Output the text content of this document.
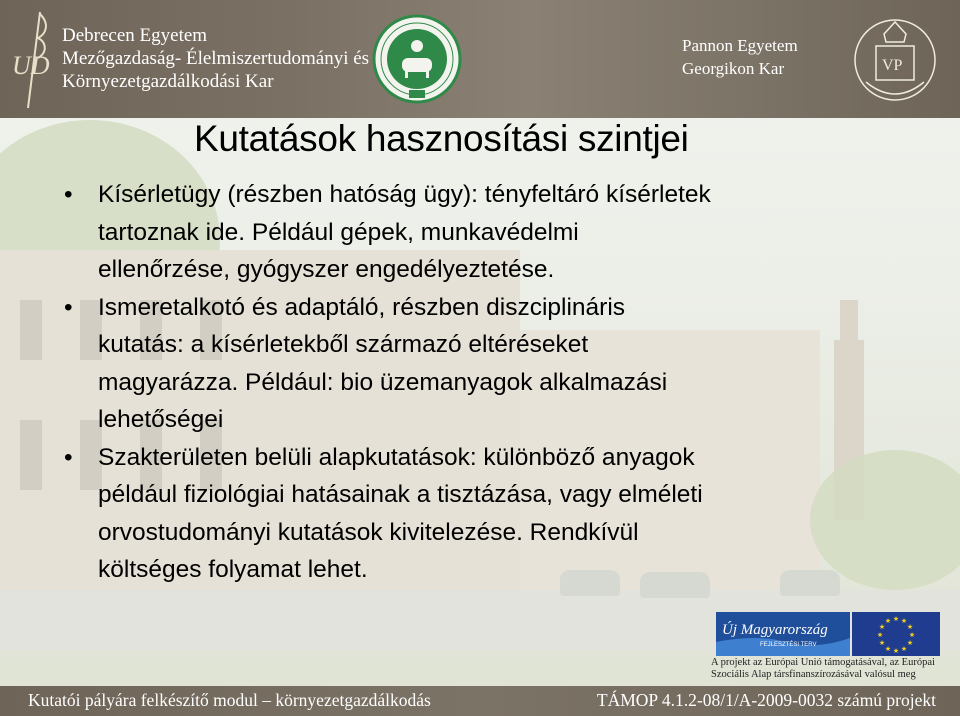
UD
Debrecen Egyetem
Mezőgazdaság- Élelmiszertudományi és
Környezetgazdálkodási Kar
Pannon Egyetem
Georgikon Kar	VP
Kutatások hasznosítási szintjei
• Kísérletügy (részben hatóság ügy): tényfeltáró kísérletek
tartoznak ide. Például gépek, munkavédelmi
ellenőrzése, gyógyszer engedélyeztetése.
• Ismeretalkotó és adaptáló, részben diszciplináris
kutatás: a kísérletekből származó eltéréseket
magyarázza. Például: bio üzemanyagok alkalmazási
lehetőségei
• Szakterületen belüli alapkutatások: különböző anyagok
például fiziológiai hatásainak a tisztázása, vagy elméleti
orvostudományi kutatások kivitelezése. Rendkívül
költséges folyamat lehet.
Új Magyarország
FEJLESZTÉSI TERV
★ ★
★
★
★
★
★
★
★
★
★
★
A projekt az Európai Unió támogatásával, az Európai
Szociális Alap társfinanszírozásával valósul meg
Kutatói pályára felkészítő modul – környezetgazdálkodás	TÁMOP 4.1.2-08/1/A-2009-0032 számú projekt
